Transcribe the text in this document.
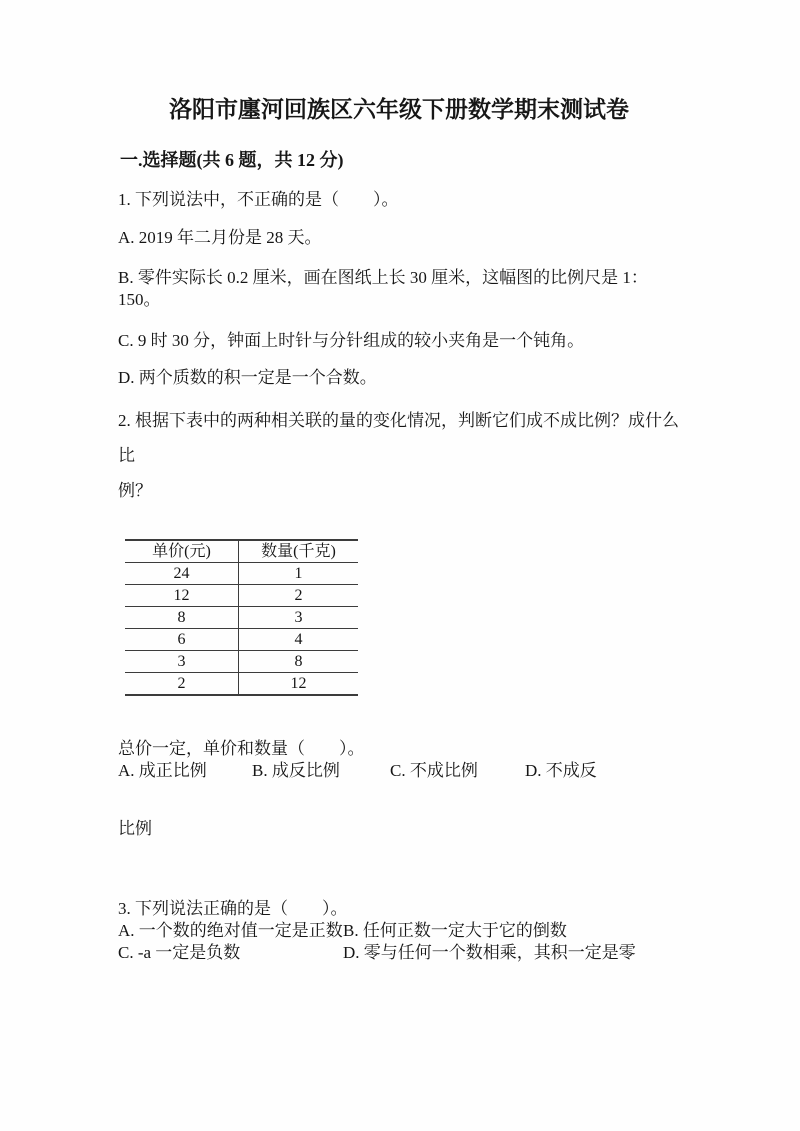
洛阳市廛河回族区六年级下册数学期末测试卷
一.选择题(共 6 题，共 12 分)

1. 下列说法中，不正确的是（　　）。

A. 2019 年二月份是 28 天。

B. 零件实际长 0.2 厘米，画在图纸上长 30 厘米，这幅图的比例尺是 1：150。

C. 9 时 30 分，钟面上时针与分针组成的较小夹角是一个钝角。

D. 两个质数的积一定是一个合数。

2. 根据下表中的两种相关联的量的变化情况，判断它们成不成比例？成什么比
例？

单价(元)	数量(千克)
24	1
12	2
8	3
6	4
3	8
2	12

总价一定，单价和数量（　　）。

A. 成正比例	B. 成反比例	C. 不成比例	D. 不成反

比例

3. 下列说法正确的是（　　）。

A. 一个数的绝对值一定是正数 B. 任何正数一定大于它的倒数
C. -a 一定是负数	D. 零与任何一个数相乘，其积一定是零
